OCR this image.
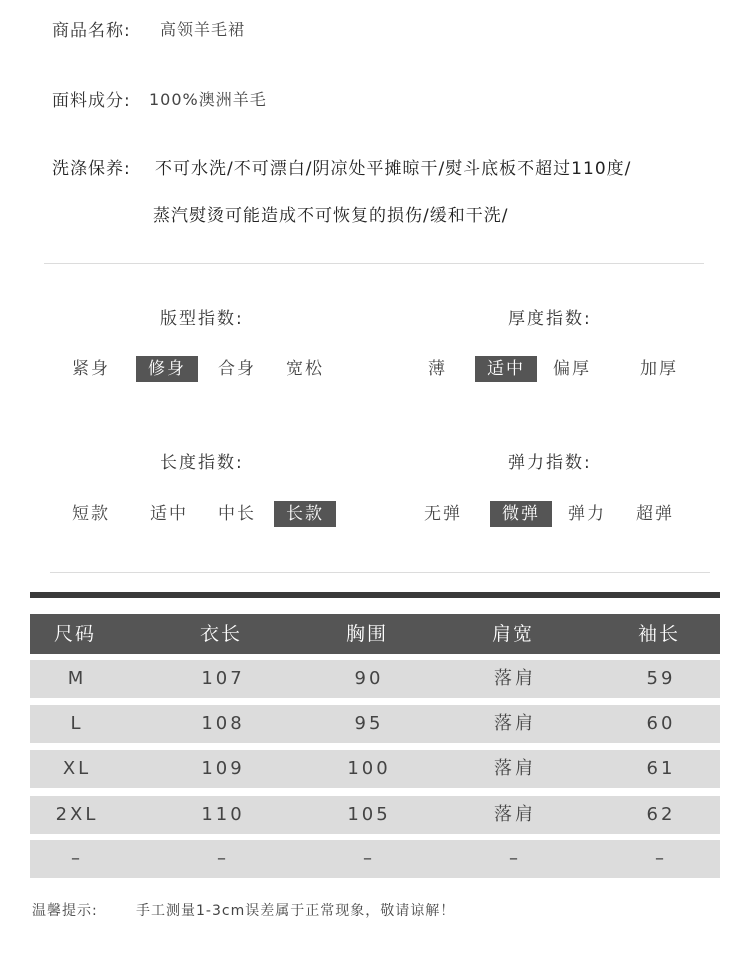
商品名称: 高领羊毛裙
面料成分: 100%澳洲羊毛
洗涤保养: 不可水洗/不可漂白/阴凉处平摊晾干/熨斗底板不超过110度/
蒸汽熨烫可能造成不可恢复的损伤/缓和干洗/
版型指数:
紧身	修身	合身 宽松
厚度指数:
薄	适中	偏厚	加厚
长度指数:
短款 适中 中长	长款
弹力指数:
无弹	微弹	弹力 超弹
尺码	衣长	胸围	肩宽	袖长
M	107	90	落肩	59
L	108	95	落肩	60
XL	109	100	落肩	61
2XL	110	105	落肩	62
–	–	–	–	–
温馨提示:	手工测量1-3cm误差属于正常现象，敬请谅解！
